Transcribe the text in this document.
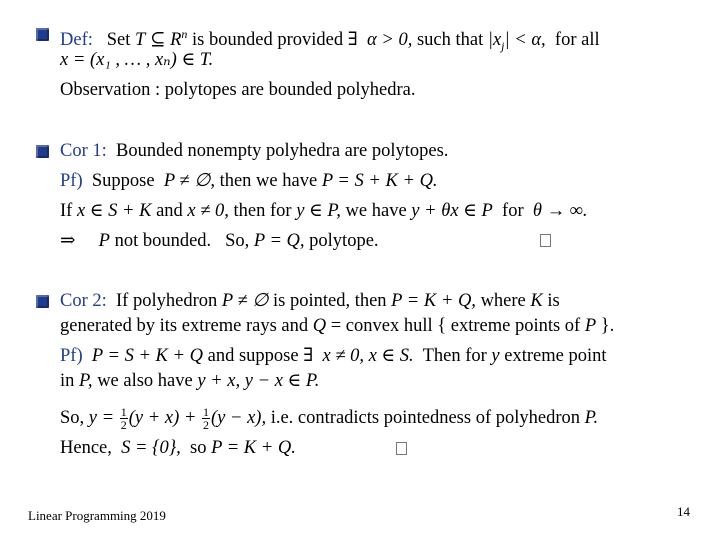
Def: Set T ⊆ $R^n$ is bounded provided ∃ α > 0, such that $|x_j| < \alpha$, for all
x = (x₁ , … , xₙ) ∈ T.
Observation : polytopes are bounded polyhedra.
Cor 1: Bounded nonempty polyhedra are polytopes.
Pf) Suppose P ≠ ∅, then we have P = S + K + Q.
If x ∈ S + K and x ≠ 0, then for y ∈ P, we have y + θx ∈ P for θ → ∞.
⇒ P not bounded. So, P = Q, polytope.
Cor 2: If polyhedron P ≠ ∅ is pointed, then P = K + Q, where K is
generated by its extreme rays and Q = convex hull { extreme points of P }.
Pf) P = S + K + Q and suppose ∃ x ≠ 0, x ∈ S. Then for y extreme point
in P, we also have y + x, y − x ∈ P.
So, $y = \frac{1}{2} (y + x) + \frac{1}{2} (y - x)$, i.e. contradicts pointedness of polyhedron P.
Hence, S = {0}, so P = K + Q.
Linear Programming 2019	14
